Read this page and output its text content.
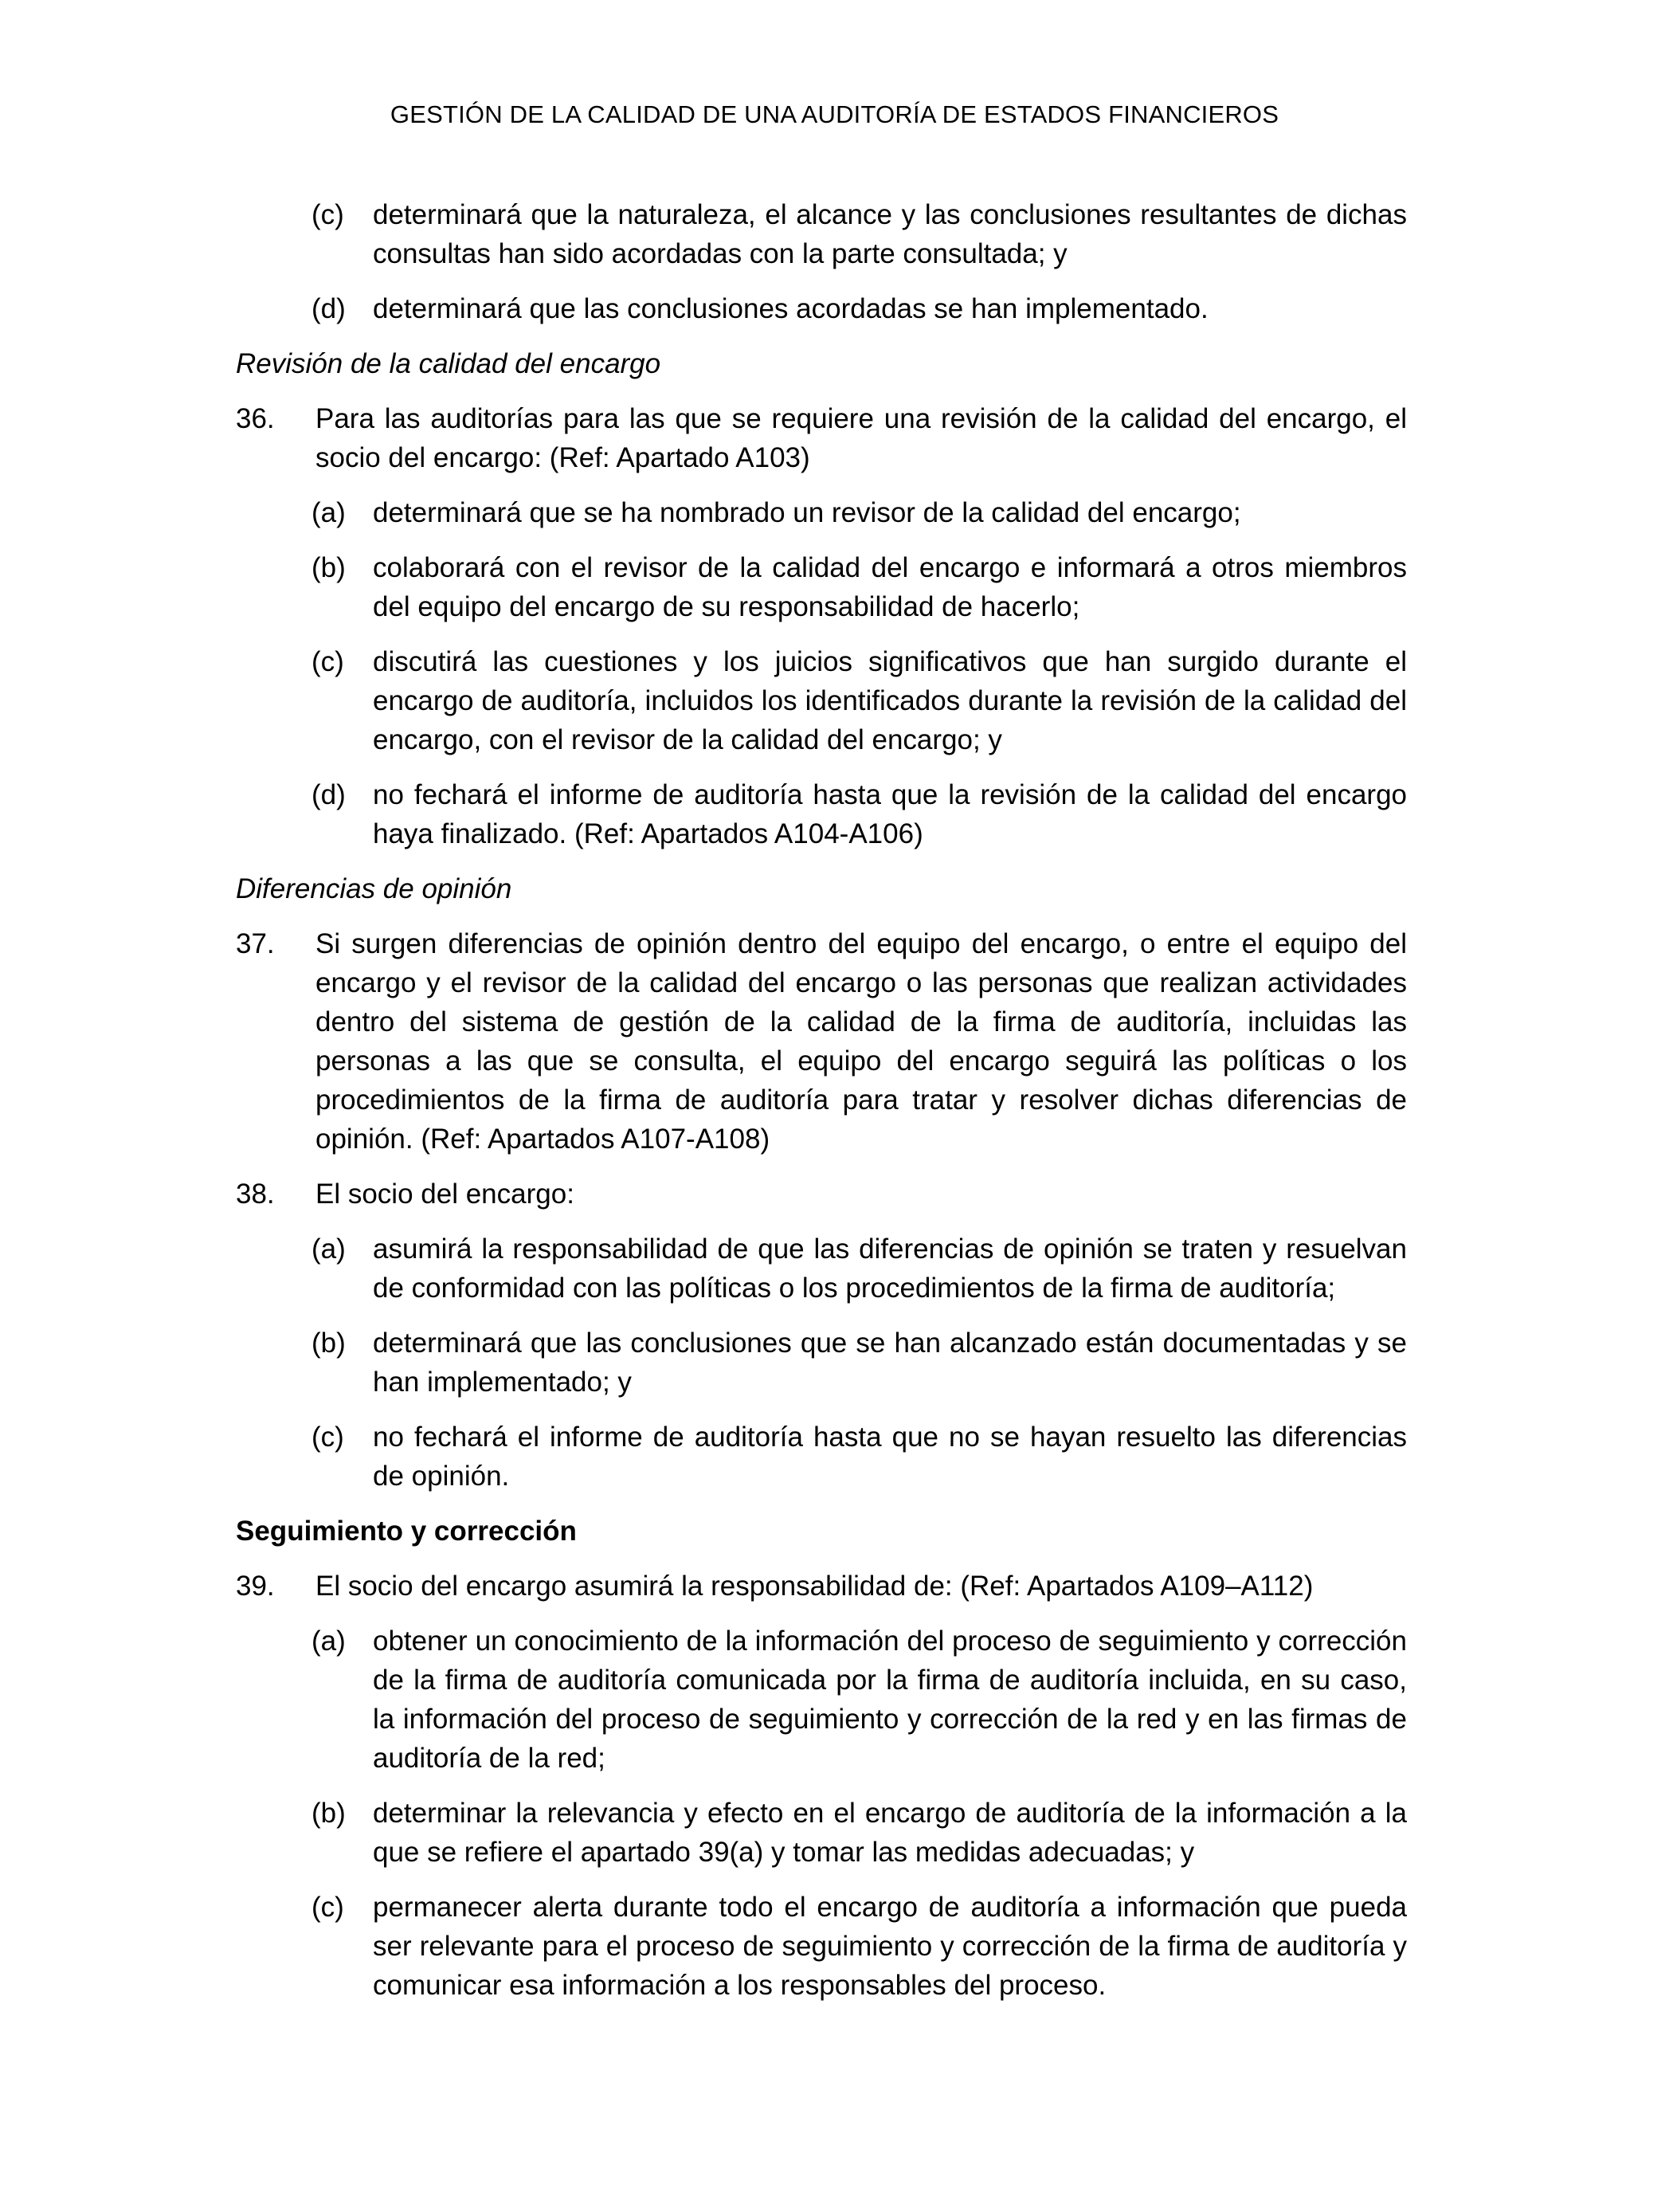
GESTIÓN DE LA CALIDAD DE UNA AUDITORÍA DE ESTADOS FINANCIEROS
(c) determinará que la naturaleza, el alcance y las conclusiones resultantes de dichas consultas han sido acordadas con la parte consultada; y
(d) determinará que las conclusiones acordadas se han implementado.
Revisión de la calidad del encargo
36. Para las auditorías para las que se requiere una revisión de la calidad del encargo, el socio del encargo: (Ref: Apartado A103)
(a) determinará que se ha nombrado un revisor de la calidad del encargo;
(b) colaborará con el revisor de la calidad del encargo e informará a otros miembros del equipo del encargo de su responsabilidad de hacerlo;
(c) discutirá las cuestiones y los juicios significativos que han surgido durante el encargo de auditoría, incluidos los identificados durante la revisión de la calidad del encargo, con el revisor de la calidad del encargo; y
(d) no fechará el informe de auditoría hasta que la revisión de la calidad del encargo haya finalizado. (Ref: Apartados A104-A106)
Diferencias de opinión
37. Si surgen diferencias de opinión dentro del equipo del encargo, o entre el equipo del encargo y el revisor de la calidad del encargo o las personas que realizan actividades dentro del sistema de gestión de la calidad de la firma de auditoría, incluidas las personas a las que se consulta, el equipo del encargo seguirá las políticas o los procedimientos de la firma de auditoría para tratar y resolver dichas diferencias de opinión. (Ref: Apartados A107-A108)
38. El socio del encargo:
(a) asumirá la responsabilidad de que las diferencias de opinión se traten y resuelvan de conformidad con las políticas o los procedimientos de la firma de auditoría;
(b) determinará que las conclusiones que se han alcanzado están documentadas y se han implementado; y
(c) no fechará el informe de auditoría hasta que no se hayan resuelto las diferencias de opinión.
Seguimiento y corrección
39. El socio del encargo asumirá la responsabilidad de: (Ref: Apartados A109–A112)
(a) obtener un conocimiento de la información del proceso de seguimiento y corrección de la firma de auditoría comunicada por la firma de auditoría incluida, en su caso, la información del proceso de seguimiento y corrección de la red y en las firmas de auditoría de la red;
(b) determinar la relevancia y efecto en el encargo de auditoría de la información a la que se refiere el apartado 39(a) y tomar las medidas adecuadas; y
(c) permanecer alerta durante todo el encargo de auditoría a información que pueda ser relevante para el proceso de seguimiento y corrección de la firma de auditoría y comunicar esa información a los responsables del proceso.
